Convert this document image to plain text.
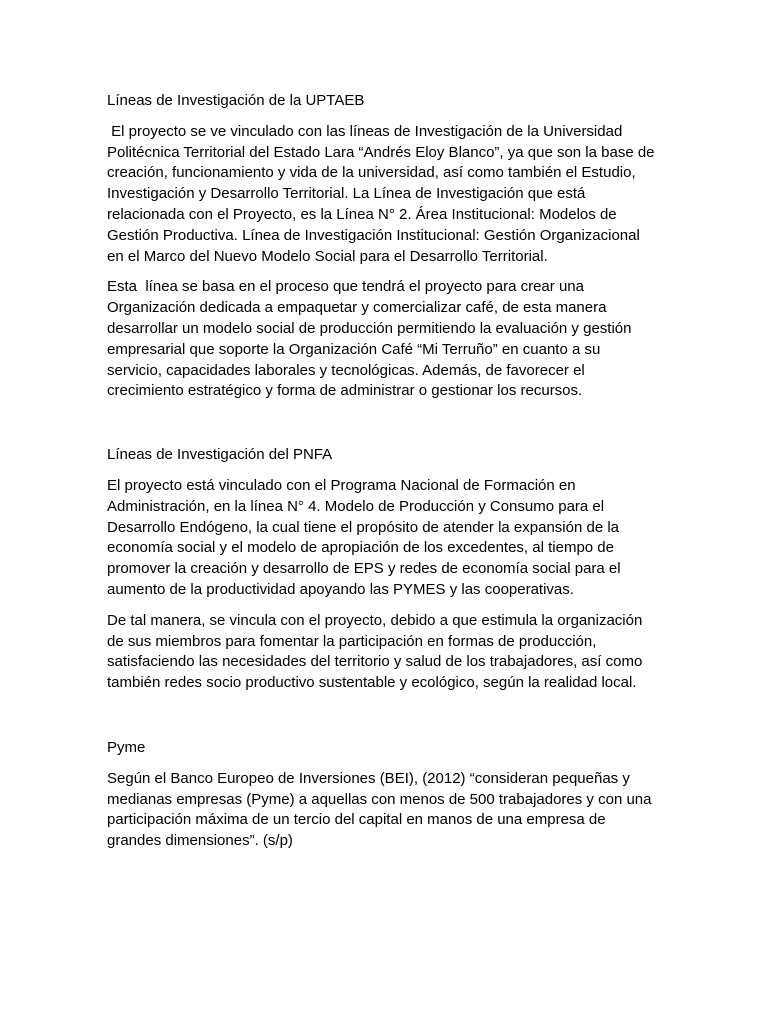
Líneas de Investigación de la UPTAEB

El proyecto se ve vinculado con las líneas de Investigación de la Universidad
Politécnica Territorial del Estado Lara “Andrés Eloy Blanco”, ya que son la base de
creación, funcionamiento y vida de la universidad, así como también el Estudio,
Investigación y Desarrollo Territorial. La Línea de Investigación que está
relacionada con el Proyecto, es la Línea N° 2. Área Institucional: Modelos de
Gestión Productiva. Línea de Investigación Institucional: Gestión Organizacional
en el Marco del Nuevo Modelo Social para el Desarrollo Territorial.

Esta  línea se basa en el proceso que tendrá el proyecto para crear una
Organización dedicada a empaquetar y comercializar café, de esta manera
desarrollar un modelo social de producción permitiendo la evaluación y gestión
empresarial que soporte la Organización Café “Mi Terruño” en cuanto a su
servicio, capacidades laborales y tecnológicas. Además, de favorecer el
crecimiento estratégico y forma de administrar o gestionar los recursos.

Líneas de Investigación del PNFA

El proyecto está vinculado con el Programa Nacional de Formación en
Administración, en la línea N° 4. Modelo de Producción y Consumo para el
Desarrollo Endógeno, la cual tiene el propósito de atender la expansión de la
economía social y el modelo de apropiación de los excedentes, al tiempo de
promover la creación y desarrollo de EPS y redes de economía social para el
aumento de la productividad apoyando las PYMES y las cooperativas.

De tal manera, se vincula con el proyecto, debido a que estimula la organización
de sus miembros para fomentar la participación en formas de producción,
satisfaciendo las necesidades del territorio y salud de los trabajadores, así como
también redes socio productivo sustentable y ecológico, según la realidad local.

Pyme

Según el Banco Europeo de Inversiones (BEI), (2012) “consideran pequeñas y
medianas empresas (Pyme) a aquellas con menos de 500 trabajadores y con una
participación máxima de un tercio del capital en manos de una empresa de
grandes dimensiones”. (s/p)
